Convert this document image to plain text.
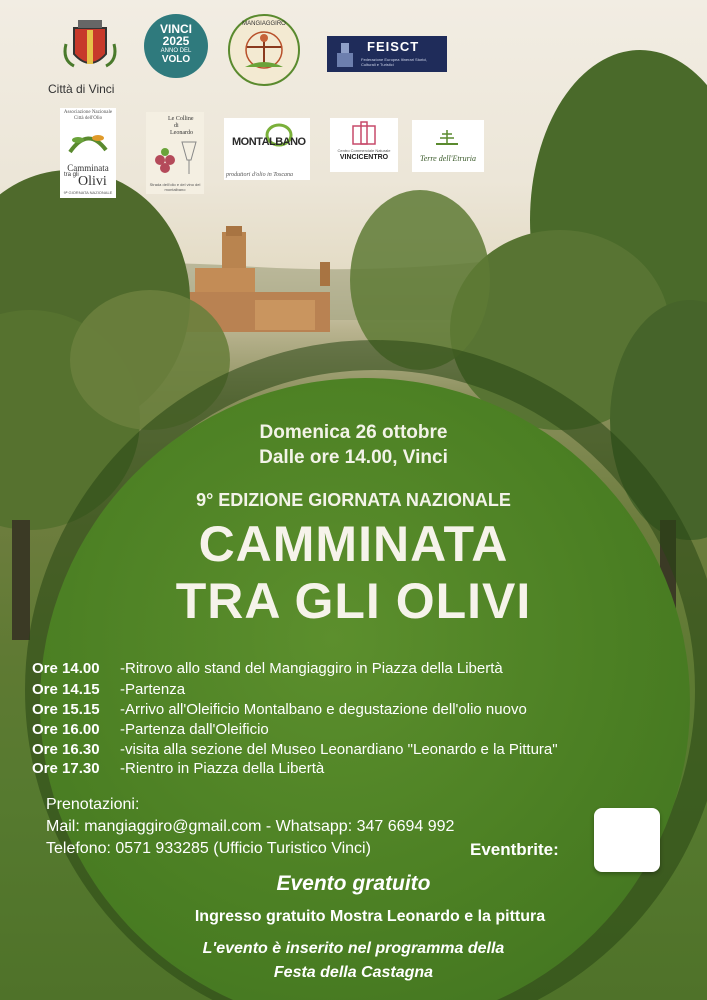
Città di Vinci
VINCI
2025
ANNO DEL
VOLO
MANGIAGGIRO
FEISCT
Federazione Europea Itinerari Storici, Culturali e Turistici
Associazione Nazionale Città dell'Olio
Camminata
tra gli Olivi
9ª GIORNATA NAZIONALE
Le Colline
di
Leonardo
Strada dell'olio e del vino del montalbano
MONTALBANO
produttori d'olio in Toscana
Centro Commerciale Naturale
VINCICENTRO	Terre dell'Etruria
Domenica 26 ottobre
Dalle ore 14.00, Vinci
9° EDIZIONE GIORNATA NAZIONALE
CAMMINATA
TRA GLI OLIVI
Ore 14.00 -Ritrovo allo stand del Mangiaggiro in Piazza della Libertà
Ore 14.15 -Partenza
Ore 15.15 -Arrivo all'Oleificio Montalbano e degustazione dell'olio nuovo
Ore 16.00 -Partenza dall'Oleificio
Ore 16.30 -visita alla sezione del Museo Leonardiano "Leonardo e la Pittura"
Ore 17.30 -Rientro in Piazza della Libertà
Prenotazioni:
Mail: mangiaggiro@gmail.com - Whatsapp: 347 6694 992
Telefono: 0571 933285 (Ufficio Turistico Vinci)	Eventbrite:
Evento gratuito
Ingresso gratuito Mostra Leonardo e la pittura
L'evento è inserito nel programma della
Festa della Castagna
